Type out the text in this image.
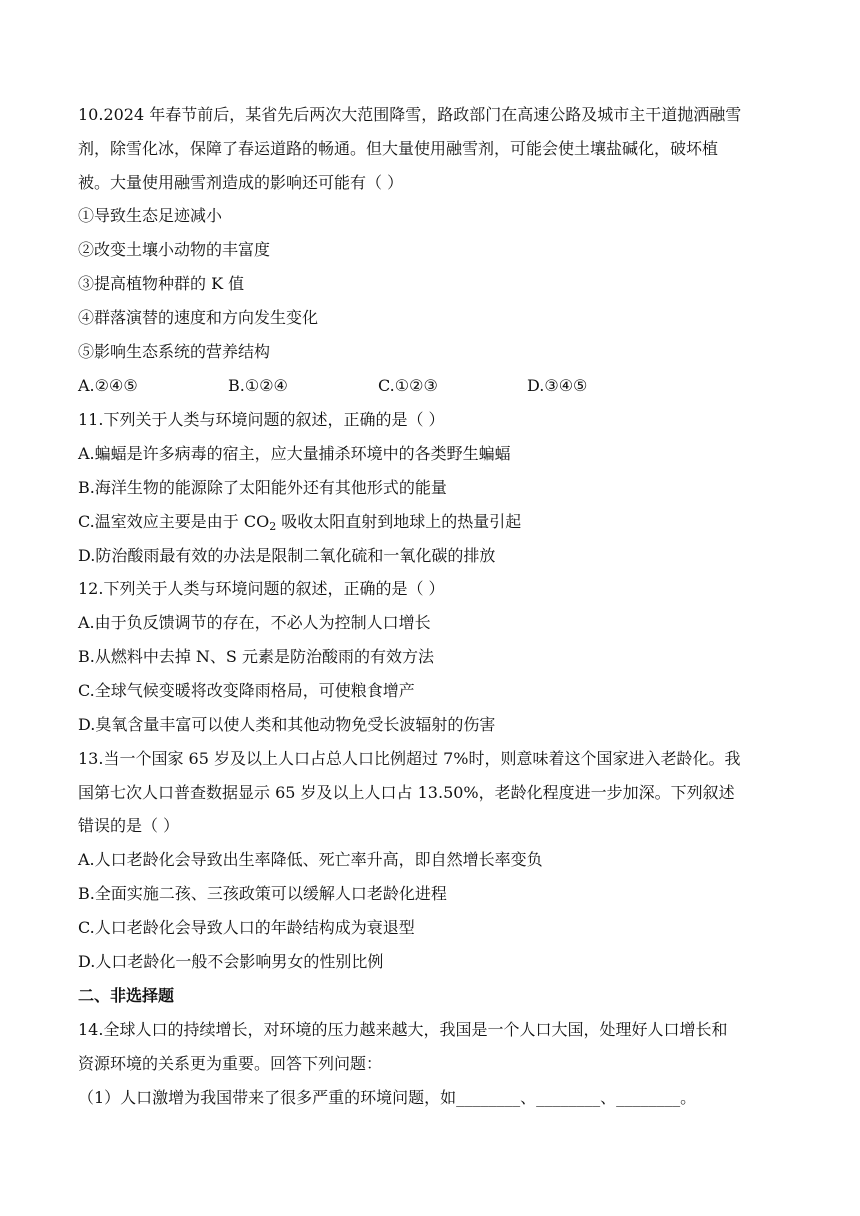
10.2024 年春节前后，某省先后两次大范围降雪，路政部门在高速公路及城市主干道抛洒融雪
剂，除雪化冰，保障了春运道路的畅通。但大量使用融雪剂，可能会使土壤盐碱化，破坏植
被。大量使用融雪剂造成的影响还可能有（ ）
①导致生态足迹减小
②改变土壤小动物的丰富度
③提高植物种群的 K 值
④群落演替的速度和方向发生变化
⑤影响生态系统的营养结构
A.②④⑤	B.①②④	C.①②③	D.③④⑤
11.下列关于人类与环境问题的叙述，正确的是（ ）
A.蝙蝠是许多病毒的宿主，应大量捕杀环境中的各类野生蝙蝠
B.海洋生物的能源除了太阳能外还有其他形式的能量
C.温室效应主要是由于 $CO_2$ 吸收太阳直射到地球上的热量引起
D.防治酸雨最有效的办法是限制二氧化硫和一氧化碳的排放
12.下列关于人类与环境问题的叙述，正确的是（ ）
A.由于负反馈调节的存在，不必人为控制人口增长
B.从燃料中去掉 N、S 元素是防治酸雨的有效方法
C.全球气候变暖将改变降雨格局，可使粮食增产
D.臭氧含量丰富可以使人类和其他动物免受长波辐射的伤害
13.当一个国家 65 岁及以上人口占总人口比例超过 7%时，则意味着这个国家进入老龄化。我
国第七次人口普查数据显示 65 岁及以上人口占 13.50%，老龄化程度进一步加深。下列叙述
错误的是（ ）
A.人口老龄化会导致出生率降低、死亡率升高，即自然增长率变负
B.全面实施二孩、三孩政策可以缓解人口老龄化进程
C.人口老龄化会导致人口的年龄结构成为衰退型
D.人口老龄化一般不会影响男女的性别比例
二、非选择题
14.全球人口的持续增长，对环境的压力越来越大，我国是一个人口大国，处理好人口增长和
资源环境的关系更为重要。回答下列问题：
（1）人口激增为我国带来了很多严重的环境问题，如________、________、________。
